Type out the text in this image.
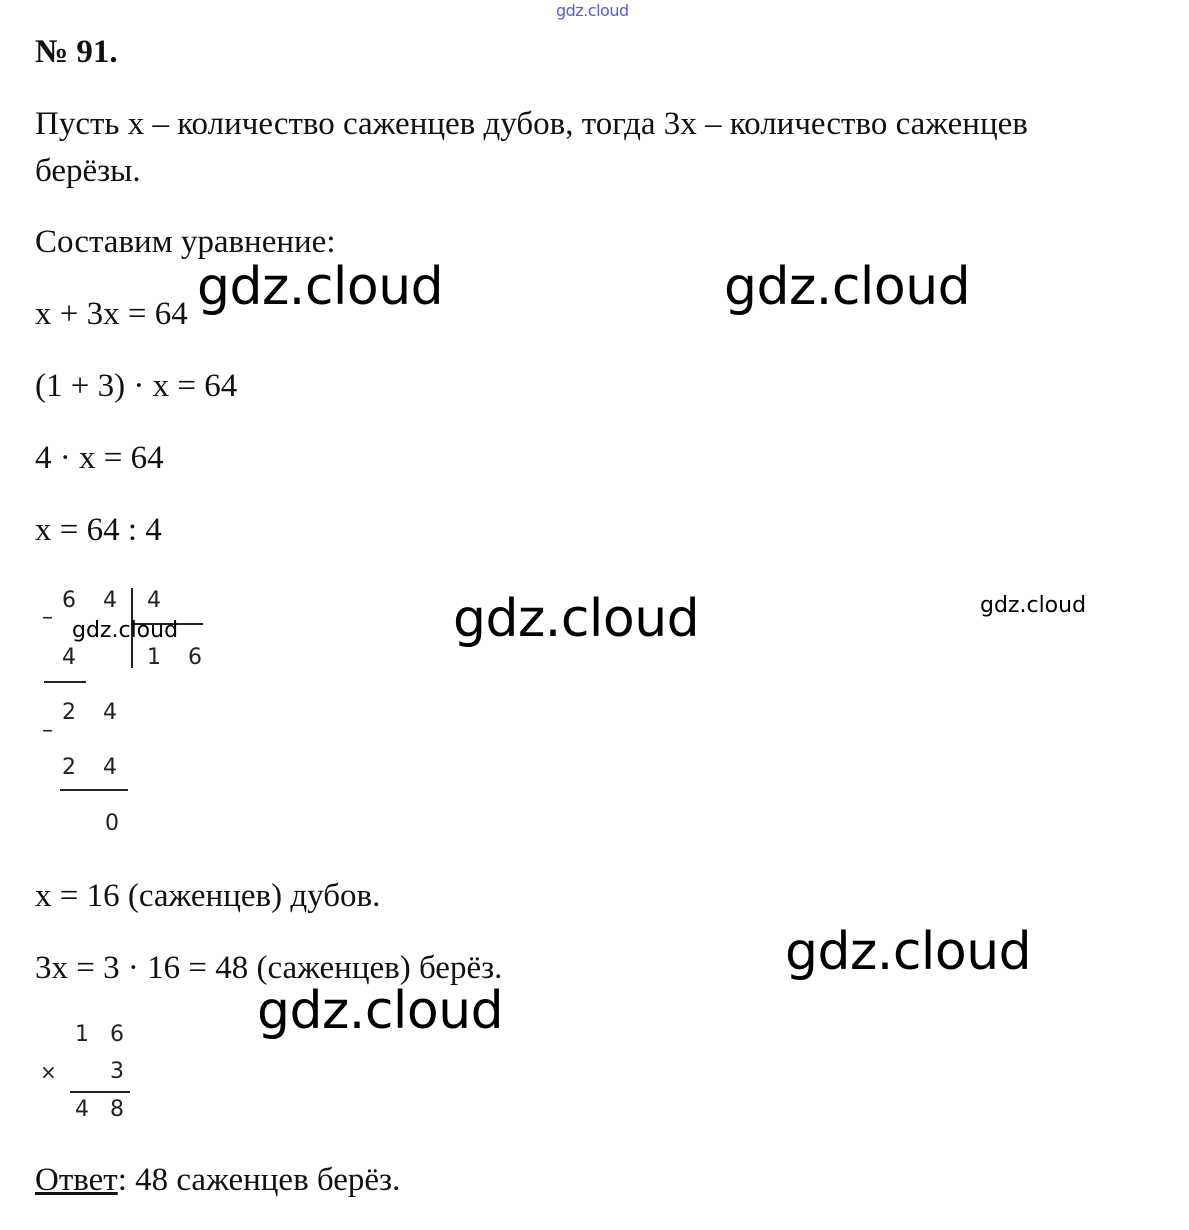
gdz.cloud
№ 91.
Пусть х – количество саженцев дубов, тогда 3х – количество саженцев
берёзы.
Составим уравнение:
х + 3х = 64
(1 + 3) · х = 64
4 · х = 64
х = 64 : 4
6 4 4
–
1 6
4
2 4
–
2 4
0
х = 16 (саженцев) дубов.
3х = 3 · 16 = 48 (саженцев) берёз.
1 6
× 3
4 8
Ответ: 48 саженцев берёз.
gdz.cloud	gdz.cloud
gdz.cloud	gdz.cloud
gdz.cloud
gdz.cloud
gdz.cloud
